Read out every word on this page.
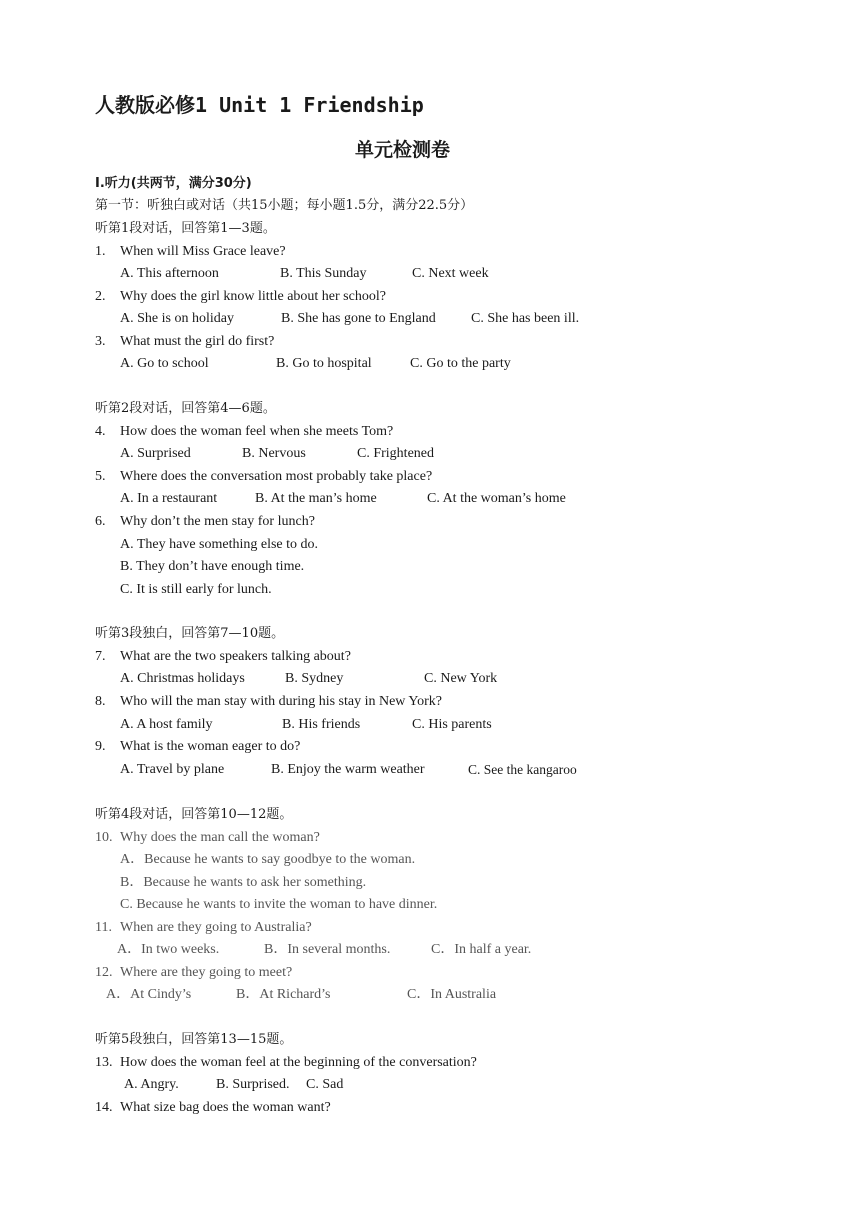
人教版必修1 Unit 1 Friendship
单元检测卷
Ⅰ.听力(共两节，满分30分)
第一节：听独白或对话（共15小题；每小题1.5分，满分22.5分）
听第1段对话，回答第1—3题。
1. When will Miss Grace leave?
A. This afternoon	B. This Sunday	C. Next week
2. Why does the girl know little about her school?
A. She is on holiday	B. She has gone to England	C. She has been ill.
3. What must the girl do first?
A. Go to school	B. Go to hospital	C. Go to the party
听第2段对话，回答第4—6题。
4. How does the woman feel when she meets Tom?
A. Surprised	B. Nervous	C. Frightened
5. Where does the conversation most probably take place?
A. In a restaurant	B. At the man’s home	C. At the woman’s home
6. Why don’t the men stay for lunch?
A. They have something else to do.
B. They don’t have enough time.
C. It is still early for lunch.
听第3段独白，回答第7—10题。
7. What are the two speakers talking about?
A. Christmas holidays	B. Sydney	C. New York
8. Who will the man stay with during his stay in New York?
A. A host family	B. His friends	C. His parents
9. What is the woman eager to do?
A. Travel by plane	B. Enjoy the warm weather	C. See the kangaroo
听第4段对话，回答第10—12题。
10. Why does the man call the woman?
A．Because he wants to say goodbye to the woman.
B．Because he wants to ask her something.
C. Because he wants to invite the woman to have dinner.
11. When are they going to Australia?
A．In two weeks.	B．In several months.	C．In half a year.
12. Where are they going to meet?
A．At Cindy’s	B．At Richard’s	C．In Australia
听第5段独白，回答第13—15题。
13. How does the woman feel at the beginning of the conversation?
A. Angry.	B. Surprised. C. Sad
14. What size bag does the woman want?
